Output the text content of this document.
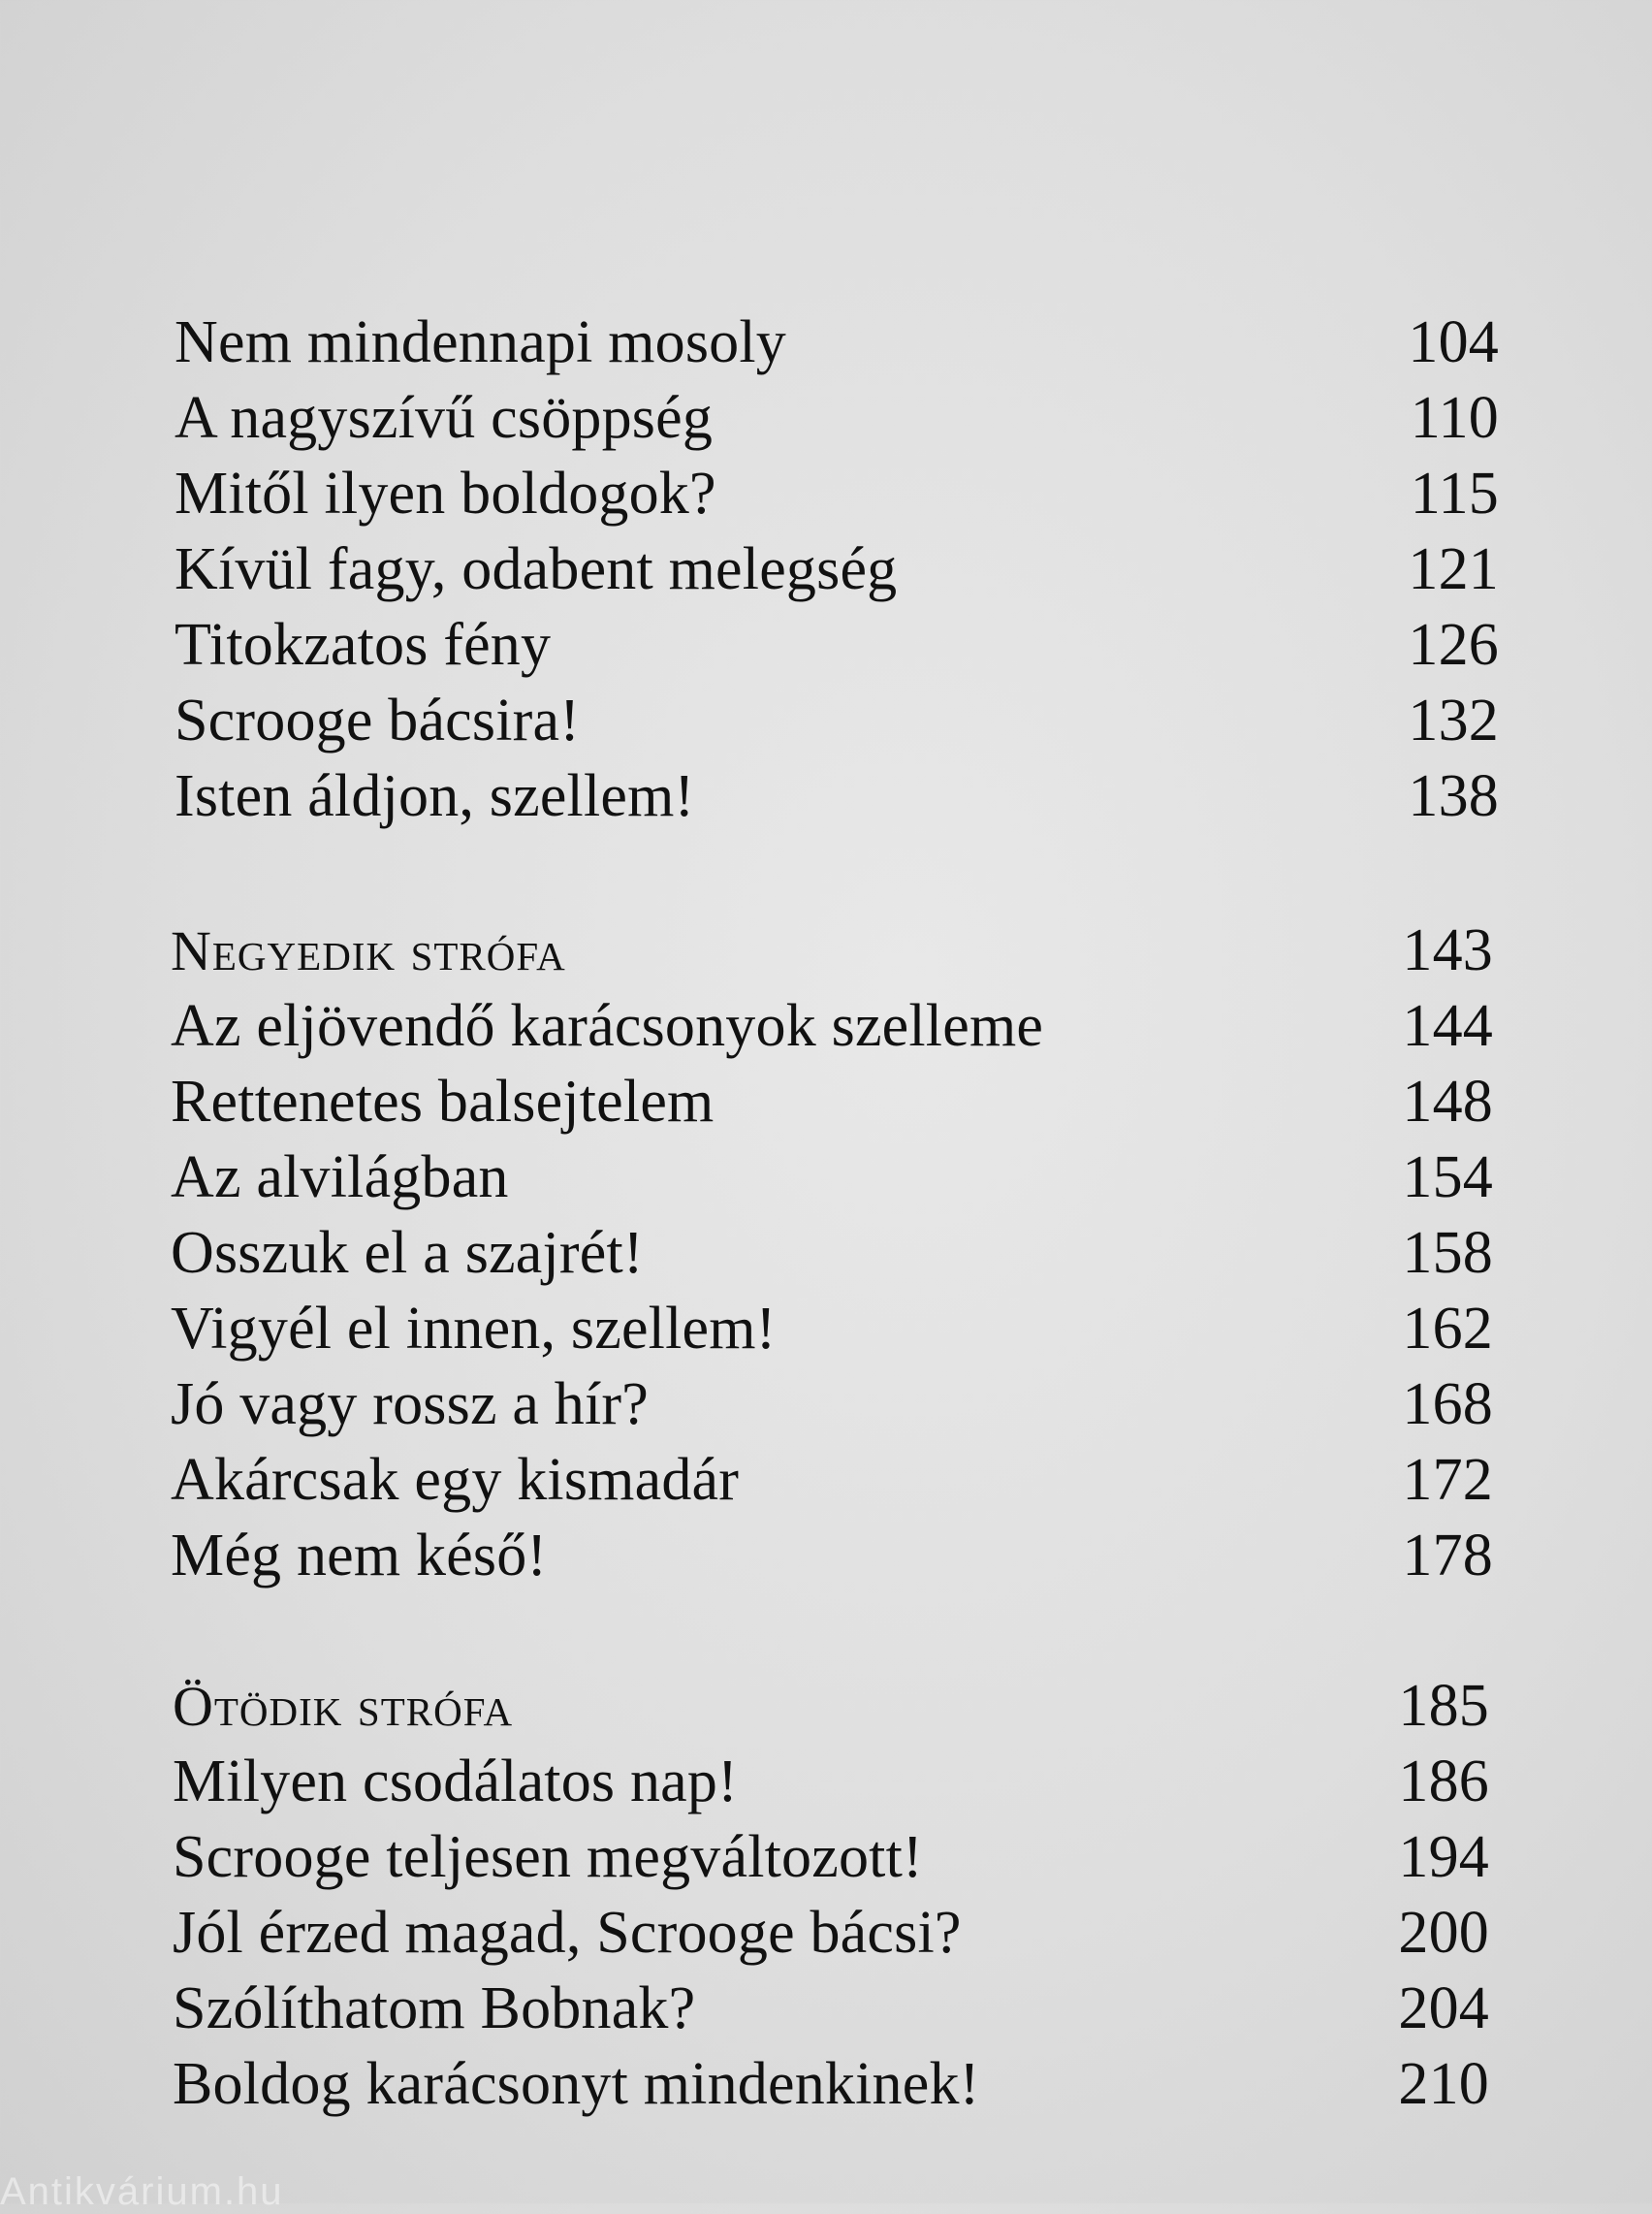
Nem mindennapi mosoly	104
A nagyszívű csöppség	110
Mitől ilyen boldogok?	115
Kívül fagy, odabent melegség	121
Titokzatos fény	126
Scrooge bácsira!	132
Isten áldjon, szellem!	138
Negyedik strófa	143
Az eljövendő karácsonyok szelleme	144
Rettenetes balsejtelem	148
Az alvilágban	154
Osszuk el a szajrét!	158
Vigyél el innen, szellem!	162
Jó vagy rossz a hír?	168
Akárcsak egy kismadár	172
Még nem késő!	178
Ötödik strófa	185
Milyen csodálatos nap!	186
Scrooge teljesen megváltozott!	194
Jól érzed magad, Scrooge bácsi?	200
Szólíthatom Bobnak?	204
Boldog karácsonyt mindenkinek!	210
Antikvárium.hu
